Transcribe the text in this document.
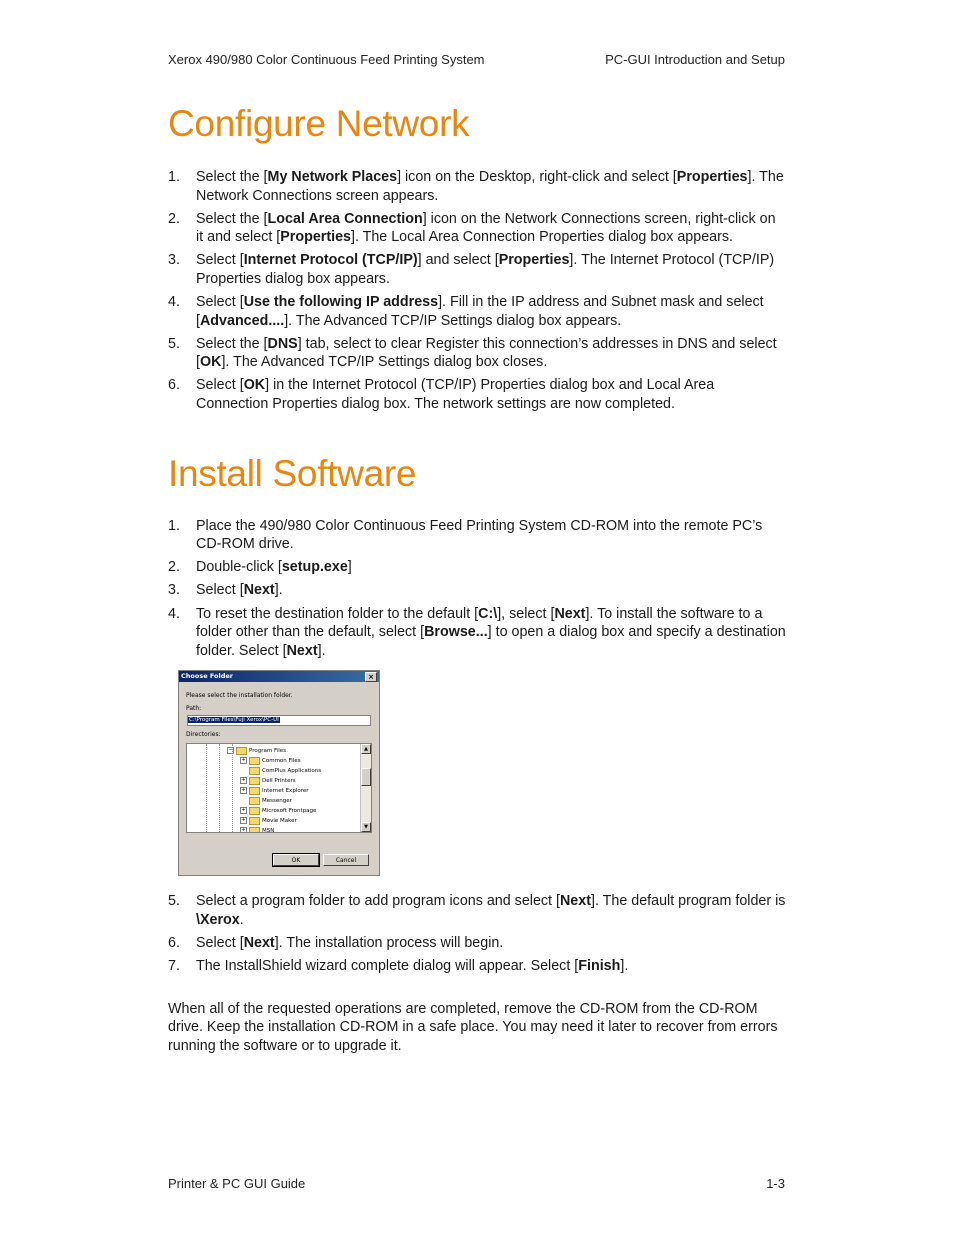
Xerox 490/980 Color Continuous Feed Printing System	PC-GUI Introduction and Setup
Configure Network
1. Select the [My Network Places] icon on the Desktop, right-click and select [Properties]. The Network Connections screen appears.
2. Select the [Local Area Connection] icon on the Network Connections screen, right-click on it and select [Properties]. The Local Area Connection Properties dialog box appears.
3. Select [Internet Protocol (TCP/IP)] and select [Properties]. The Internet Protocol (TCP/IP) Properties dialog box appears.
4. Select [Use the following IP address]. Fill in the IP address and Subnet mask and select [Advanced....]. The Advanced TCP/IP Settings dialog box appears.
5. Select the [DNS] tab, select to clear Register this connection’s addresses in DNS and select [OK]. The Advanced TCP/IP Settings dialog box closes.
6. Select [OK] in the Internet Protocol (TCP/IP) Properties dialog box and Local Area Connection Properties dialog box. The network settings are now completed.
Install Software
1. Place the 490/980 Color Continuous Feed Printing System CD-ROM into the remote PC’s CD-ROM drive.
2. Double-click [setup.exe]
3. Select [Next].
4. To reset the destination folder to the default [C:\], select [Next]. To install the software to a folder other than the default, select [Browse...] to open a dialog box and specify a destination folder. Select [Next].
Choose Folder	×
Please select the installation folder.
Path:
C:\Program Files\Fuji Xerox\PC-UI
Directories:
▲
▼
−	Program Files
+	Common Files
ComPlus Applications
+	Dell Printers
+	Internet Explorer
Messenger
+	Microsoft Frontpage
+	Movie Maker
+	MSN
OK	Cancel
5. Select a program folder to add program icons and select [Next]. The default program folder is \Xerox.
6. Select [Next]. The installation process will begin.
7. The InstallShield wizard complete dialog will appear. Select [Finish].
When all of the requested operations are completed, remove the CD-ROM from the CD-ROM drive. Keep the installation CD-ROM in a safe place. You may need it later to recover from errors running the software or to upgrade it.
Printer & PC GUI Guide	1-3
